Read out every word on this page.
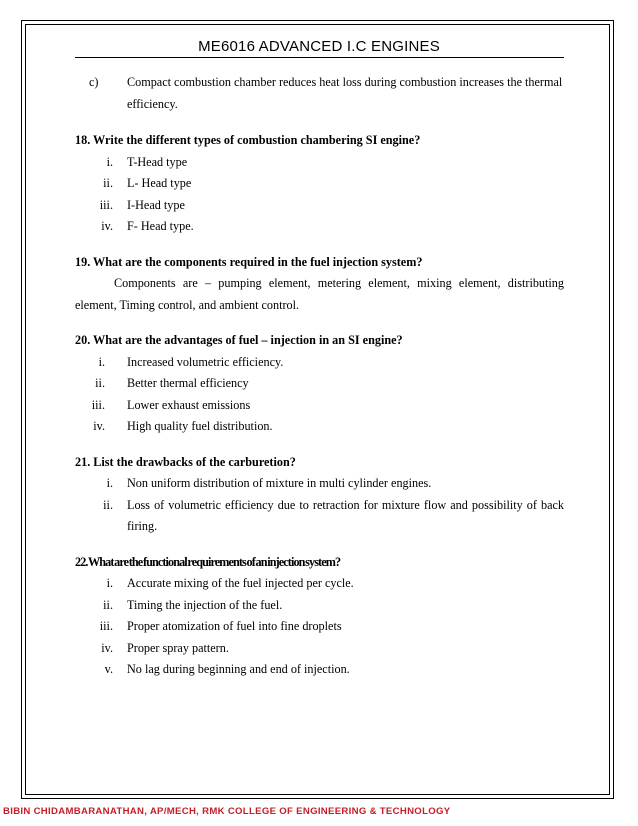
ME6016 ADVANCED I.C ENGINES
c)	Compact combustion chamber reduces heat loss during combustion increases the thermal efficiency.
18. Write the different types of combustion chambering SI engine?
i.	T-Head type
ii.	L- Head type
iii.	I-Head type
iv.	F- Head type.
19. What are the components required in the fuel injection system?
Components are – pumping element, metering element, mixing element, distributing element, Timing control, and ambient control.
20. What are the advantages of fuel – injection in an SI engine?
i.	Increased volumetric efficiency.
ii.	Better thermal efficiency
iii.	Lower exhaust emissions
iv.	High quality fuel distribution.
21. List the drawbacks of the carburetion?
i.	Non uniform distribution of mixture in multi cylinder engines.
ii.	Loss of volumetric efficiency due to retraction for mixture flow and possibility of back firing.
22. What are the functional requirements of an injection system?
i.	Accurate mixing of the fuel injected per cycle.
ii.	Timing the injection of the fuel.
iii.	Proper atomization of fuel into fine droplets
iv.	Proper spray pattern.
v.	No lag during beginning and end of injection.
BIBIN CHIDAMBARANATHAN, AP/MECH, RMK COLLEGE OF ENGINEERING & TECHNOLOGY
